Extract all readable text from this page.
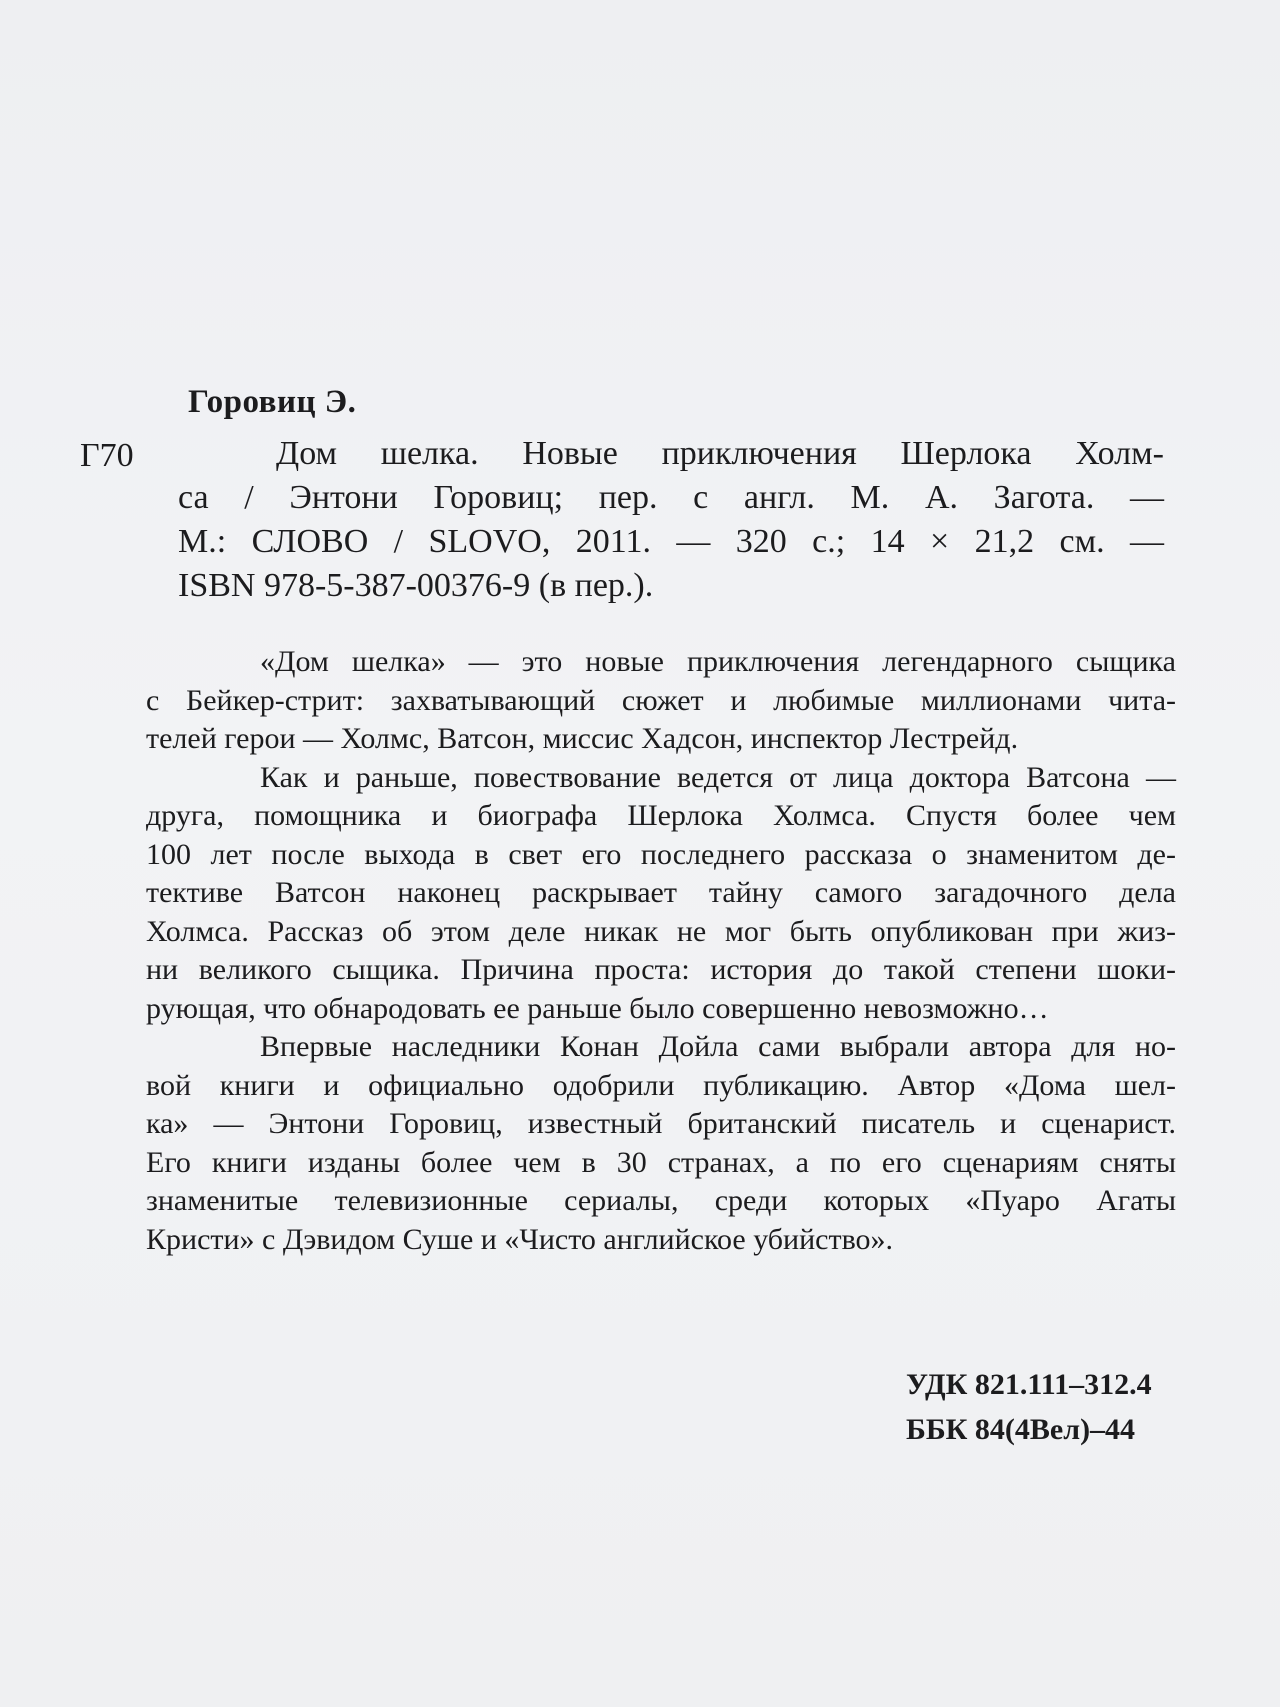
Горовиц Э.
Г70	Дом шелка. Новые приключения Шерлока Холм-
са / Энтони Горовиц; пер. с англ. М. А. Загота. —
М.: СЛОВО / SLOVO, 2011. — 320 с.; 14 × 21,2 см. —
ISBN 978-5-387-00376-9 (в пер.).
«Дом шелка» — это новые приключения легендарного сыщика
с Бейкер-стрит: захватывающий сюжет и любимые миллионами чита-
телей герои — Холмс, Ватсон, миссис Хадсон, инспектор Лестрейд.
Как и раньше, повествование ведется от лица доктора Ватсона —
друга, помощника и биографа Шерлока Холмса. Спустя более чем
100 лет после выхода в свет его последнего рассказа о знаменитом де-
тективе Ватсон наконец раскрывает тайну самого загадочного дела
Холмса. Рассказ об этом деле никак не мог быть опубликован при жиз-
ни великого сыщика. Причина проста: история до такой степени шоки-
рующая, что обнародовать ее раньше было совершенно невозможно…
Впервые наследники Конан Дойла сами выбрали автора для но-
вой книги и официально одобрили публикацию. Автор «Дома шел-
ка» — Энтони Горовиц, известный британский писатель и сценарист.
Его книги изданы более чем в 30 странах, а по его сценариям сняты
знаменитые телевизионные сериалы, среди которых «Пуаро Агаты
Кристи» с Дэвидом Суше и «Чисто английское убийство».
УДК 821.111–312.4
ББК 84(4Вел)–44
